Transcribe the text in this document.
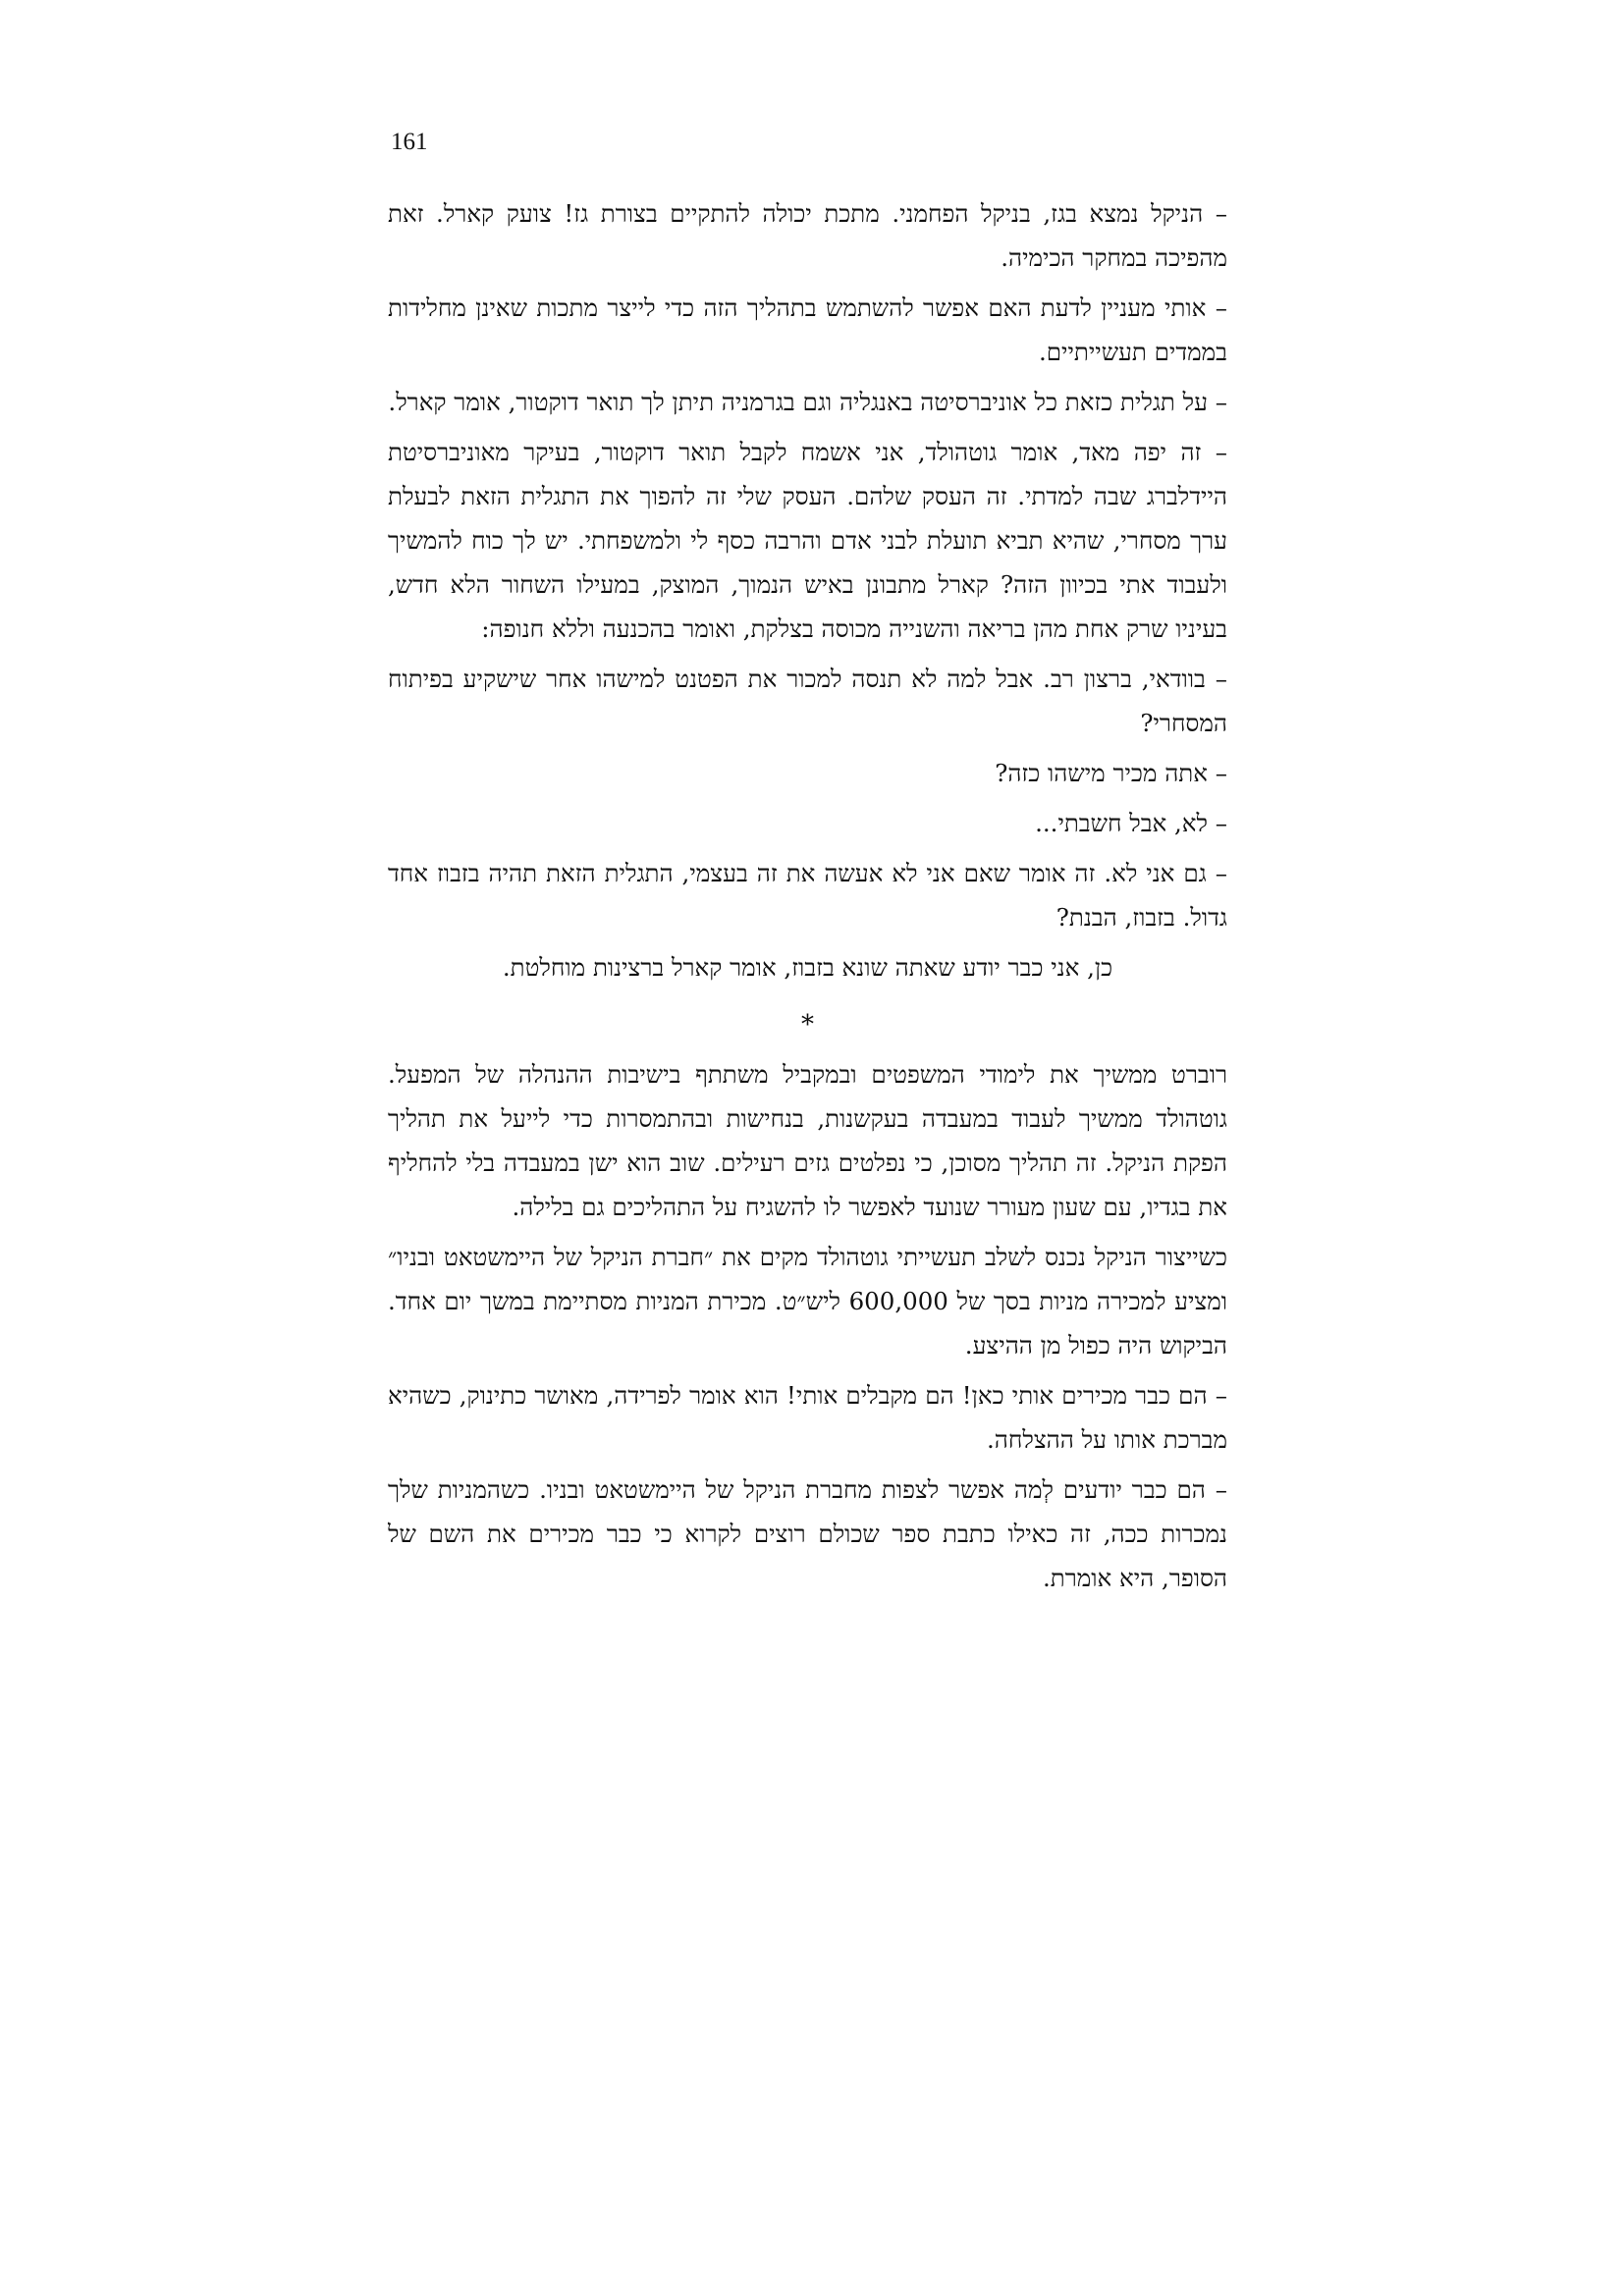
161

– הניקל נמצא בגז, בניקל הפחמני. מתכת יכולה להתקיים בצורת גז! צועק קארל. זאת מהפיכה במחקר הכימיה.

– אותי מעניין לדעת האם אפשר להשתמש בתהליך הזה כדי לייצר מתכות שאינן מחלידות בממדים תעשייתיים.

– על תגלית כזאת כל אוניברסיטה באנגליה וגם בגרמניה תיתן לך תואר דוקטור, אומר קארל.

– זה יפה מאד, אומר גוטהולד, אני אשמח לקבל תואר דוקטור, בעיקר מאוניברסיטת היידלברג שבה למדתי. זה העסק שלהם. העסק שלי זה להפוך את התגלית הזאת לבעלת ערך מסחרי, שהיא תביא תועלת לבני אדם והרבה כסף לי ולמשפחתי. יש לך כוח להמשיך ולעבוד אתי בכיוון הזה? קארל מתבונן באיש הנמוך, המוצק, במעילו השחור הלא חדש, בעיניו שרק אחת מהן בריאה והשנייה מכוסה בצלקת, ואומר בהכנעה וללא חנופה:

– בוודאי, ברצון רב. אבל למה לא תנסה למכור את הפטנט למישהו אחר שישקיע בפיתוח המסחרי?

– אתה מכיר מישהו כזה?

– לא, אבל חשבתי...

– גם אני לא. זה אומר שאם אני לא אעשה את זה בעצמי, התגלית הזאת תהיה בזבוז אחד גדול. בזבוז, הבנת?

כן, אני כבר יודע שאתה שונא בזבוז, אומר קארל ברצינות מוחלטת.

*

רוברט ממשיך את לימודי המשפטים ובמקביל משתתף בישיבות ההנהלה של המפעל. גוטהולד ממשיך לעבוד במעבדה בעקשנות, בנחישות ובהתמסרות כדי לייעל את תהליך הפקת הניקל. זה תהליך מסוכן, כי נפלטים גזים רעילים. שוב הוא ישן במעבדה בלי להחליף את בגדיו, עם שעון מעורר שנועד לאפשר לו להשגיח על התהליכים גם בלילה.

כשייצור הניקל נכנס לשלב תעשייתי גוטהולד מקים את ״חברת הניקל של היימשטאט ובניו״ ומציע למכירה מניות בסך של 600,000 ליש״ט. מכירת המניות מסתיימת במשך יום אחד. הביקוש היה כפול מן ההיצע.

– הם כבר מכירים אותי כאן! הם מקבלים אותי! הוא אומר לפרידה, מאושר כתינוק, כשהיא מברכת אותו על ההצלחה.

– הם כבר יודעים לְמה אפשר לצפות מחברת הניקל של היימשטאט ובניו. כשהמניות שלך נמכרות ככה, זה כאילו כתבת ספר שכולם רוצים לקרוא כי כבר מכירים את השם של הסופר, היא אומרת.
